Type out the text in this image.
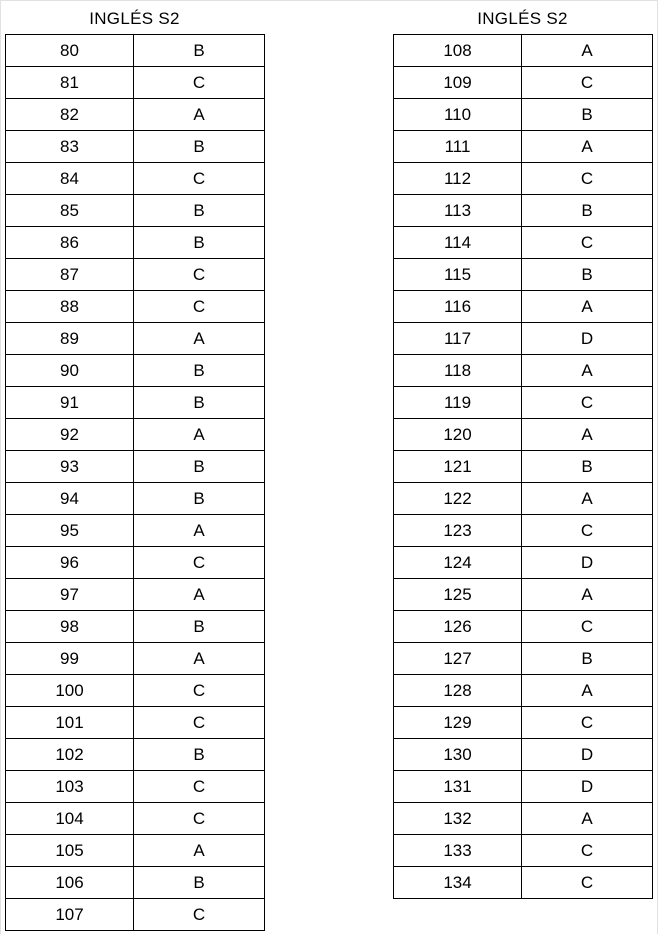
INGLÉS S2
80	B
81	C
82	A
83	B
84	C
85	B
86	B
87	C
88	C
89	A
90	B
91	B
92	A
93	B
94	B
95	A
96	C
97	A
98	B
99	A
100	C
101	C
102	B
103	C
104	C
105	A
106	B
107	C
INGLÉS S2
108	A
109	C
110	B
111	A
112	C
113	B
114	C
115	B
116	A
117	D
118	A
119	C
120	A
121	B
122	A
123	C
124	D
125	A
126	C
127	B
128	A
129	C
130	D
131	D
132	A
133	C
134	C
